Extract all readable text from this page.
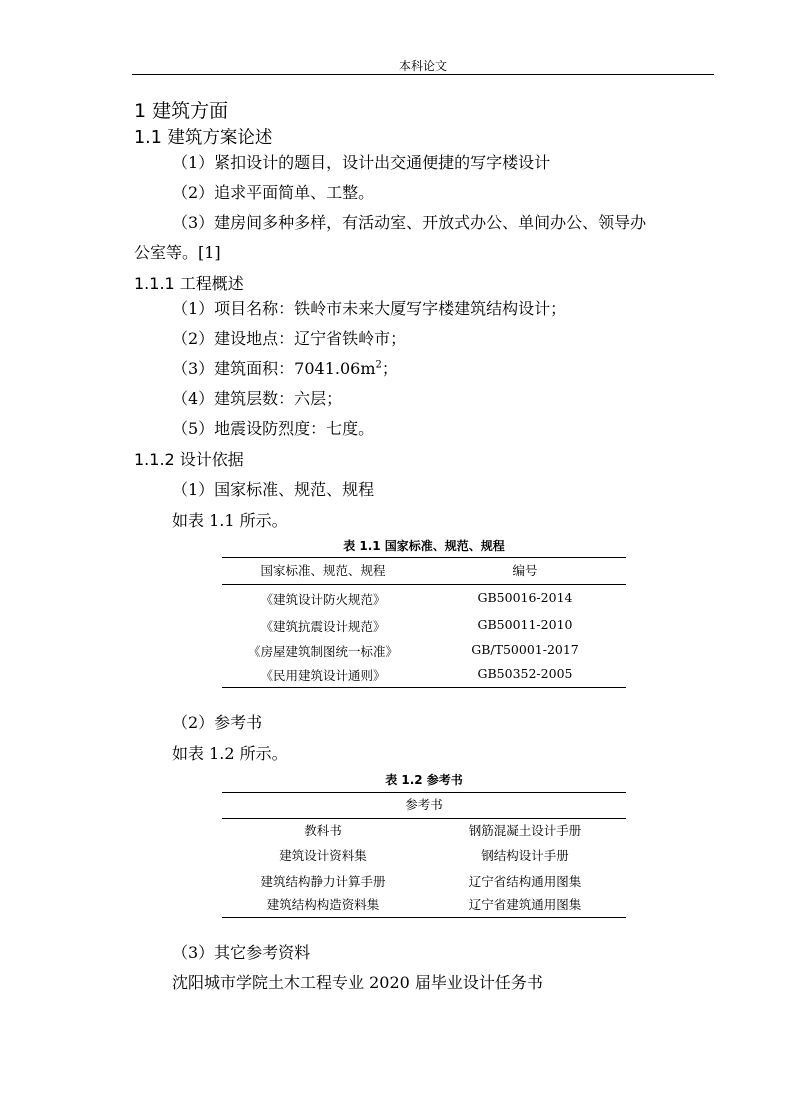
本科论文
1 建筑方面
1.1 建筑方案论述
（1）紧扣设计的题目，设计出交通便捷的写字楼设计
（2）追求平面简单、工整。
（3）建房间多种多样，有活动室、开放式办公、单间办公、领导办
公室等。[1]
1.1.1 工程概述
（1）项目名称：铁岭市未来大厦写字楼建筑结构设计；
（2）建设地点：辽宁省铁岭市；
（3）建筑面积：$7041.06m^2$；
（4）建筑层数：六层；
（5）地震设防烈度：七度。
1.1.2 设计依据
（1）国家标准、规范、规程
如表 1.1 所示。
表 1.1 国家标准、规范、规程
国家标准、规范、规程	编号
《建筑设计防火规范》	GB50016-2014
《建筑抗震设计规范》	GB50011-2010
《房屋建筑制图统一标准》	GB/T50001-2017
《民用建筑设计通则》	GB50352-2005
（2）参考书
如表 1.2 所示。
表 1.2 参考书
参考书
教科书	钢筋混凝土设计手册
建筑设计资料集	钢结构设计手册
建筑结构静力计算手册	辽宁省结构通用图集
建筑结构构造资料集	辽宁省建筑通用图集
（3）其它参考资料
沈阳城市学院土木工程专业 2020 届毕业设计任务书
